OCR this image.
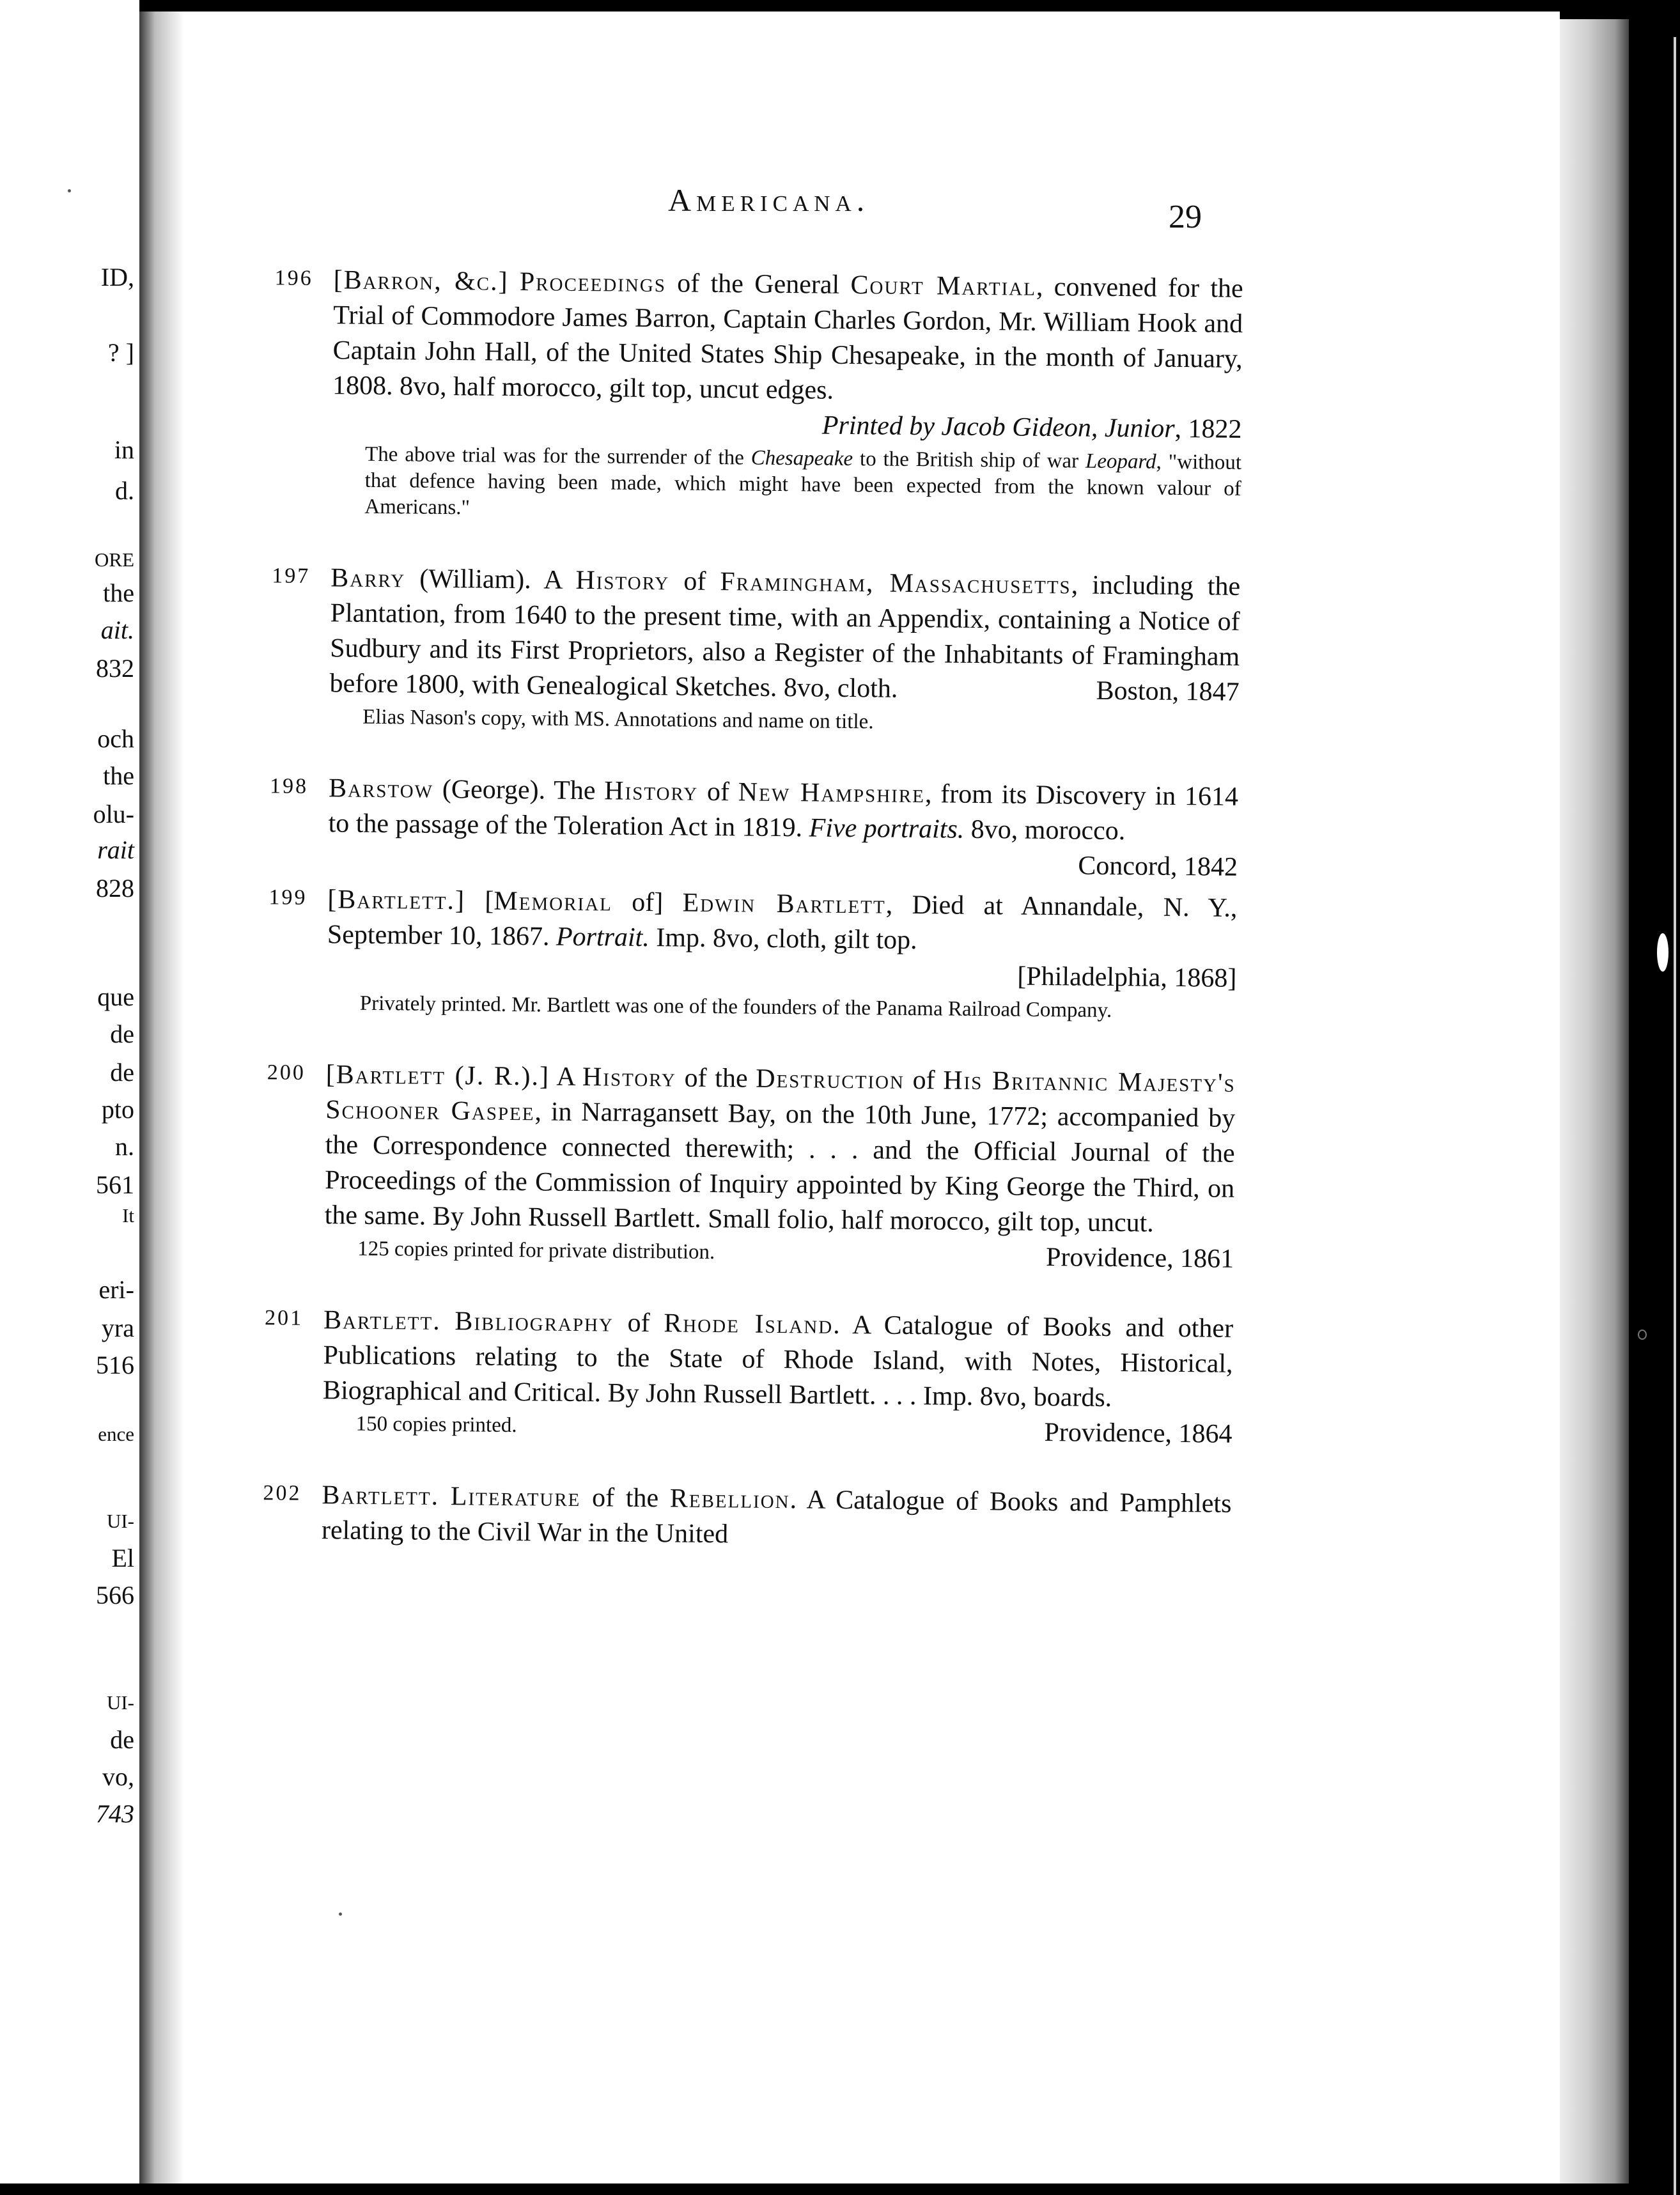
ID,
? ]
in
d.
ORE
the
ait.
832
och
the
olu-
rait
828
que
de
de
pto
n.
561
It
eri-
yra
516
ence
UI-
El
566
UI-
de
vo,
743
Americana.	29
196 [Barron, &c.] Proceedings of the General Court Martial, convened for the Trial of Commodore James Barron, Captain Charles Gordon, Mr. William Hook and Captain John Hall, of the United States Ship Chesapeake, in the month of January, 1808. 8vo, half morocco, gilt top, uncut edges.

Printed by Jacob Gideon, Junior, 1822

The above trial was for the surrender of the Chesapeake to the British ship of war Leopard, "without that defence having been made, which might have been expected from the known valour of Americans."

197 Barry (William). A History of Framingham, Massachusetts, including the Plantation, from 1640 to the present time, with an Appendix, containing a Notice of Sudbury and its First Proprietors, also a Register of the Inhabitants of Framingham before 1800, with Genealogical Sketches. 8vo, cloth.	Boston, 1847

Elias Nason's copy, with MS. Annotations and name on title.

198 Barstow (George). The History of New Hampshire, from its Discovery in 1614 to the passage of the Toleration Act in 1819. Five portraits. 8vo, morocco.
Concord, 1842

199 [Bartlett.] [Memorial of] Edwin Bartlett, Died at Annandale, N. Y., September 10, 1867. Portrait. Imp. 8vo, cloth, gilt top.

[Philadelphia, 1868]

Privately printed. Mr. Bartlett was one of the founders of the Panama Railroad Company.

200 [Bartlett (J. R.).] A History of the Destruction of His Britannic Majesty's Schooner Gaspee, in Narragansett Bay, on the 10th June, 1772; accompanied by the Correspondence connected therewith; . . . and the Official Journal of the Proceedings of the Commission of Inquiry appointed by King George the Third, on the same. By John Russell Bartlett. Small folio, half morocco, gilt top, uncut.
Providence, 1861

125 copies printed for private distribution.

201 Bartlett. Bibliography of Rhode Island. A Catalogue of Books and other Publications relating to the State of Rhode Island, with Notes, Historical, Biographical and Critical. By John Russell Bartlett. . . . Imp. 8vo, boards.
Providence, 1864

150 copies printed.

202 Bartlett. Literature of the Rebellion. A Catalogue of Books and Pamphlets relating to the Civil War in the United
